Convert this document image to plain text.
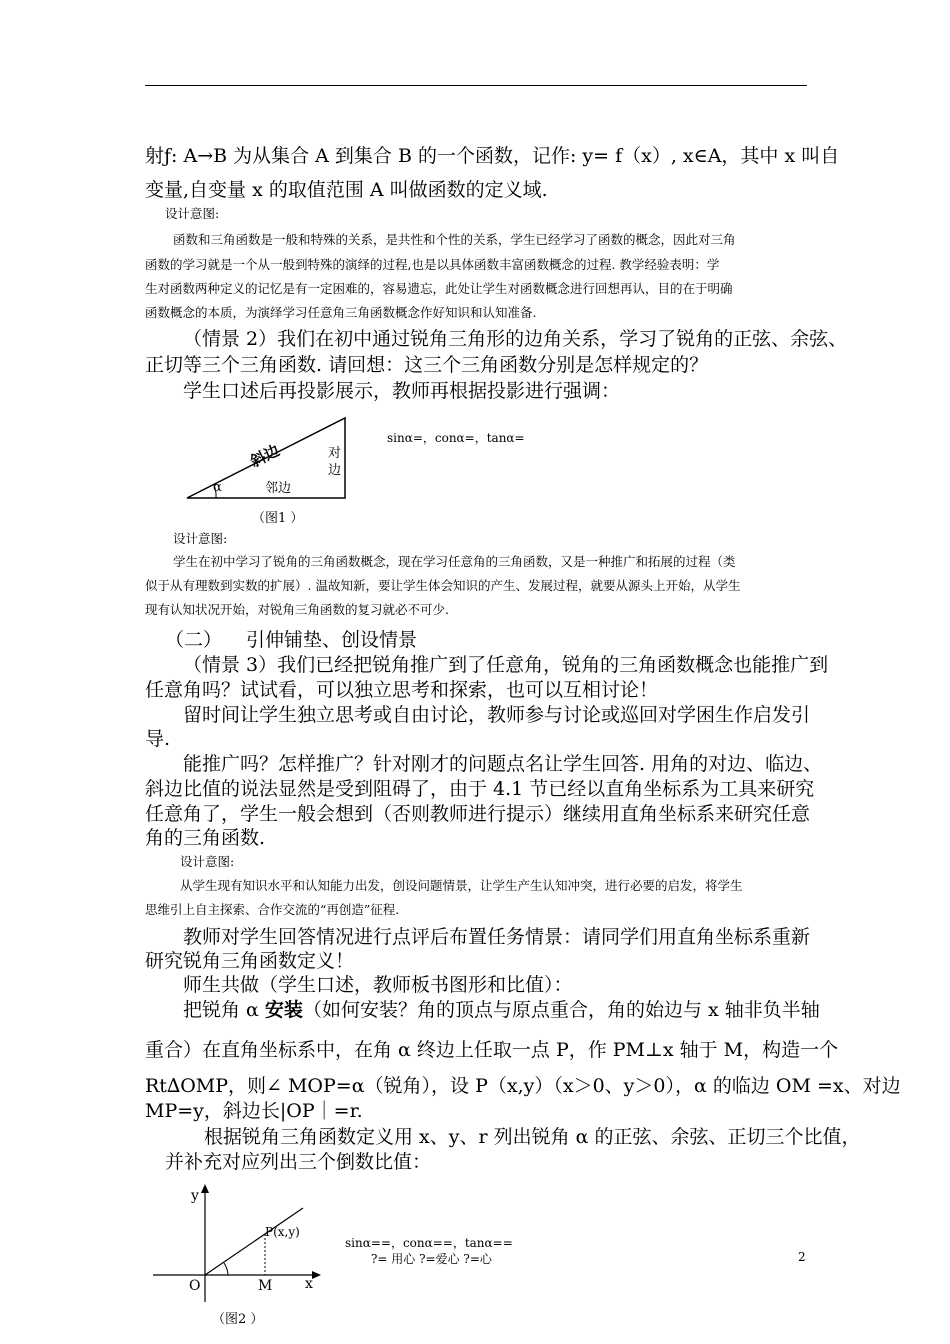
射ƒ: A→B 为从集合 A 到集合 B 的一个函数，记作: y= f（x）, x∈A，其中 x 叫自
变量,自变量 x 的取值范围 A 叫做函数的定义域.
设计意图:
函数和三角函数是一般和特殊的关系，是共性和个性的关系，学生已经学习了函数的概念，因此对三角
函数的学习就是一个从一般到特殊的演绎的过程,也是以具体函数丰富函数概念的过程. 教学经验表明：学
生对函数两种定义的记忆是有一定困难的，容易遗忘，此处让学生对函数概念进行回想再认，目的在于明确
函数概念的本质，为演绎学习任意角三角函数概念作好知识和认知准备.
（情景 2）我们在初中通过锐角三角形的边角关系，学习了锐角的正弦、余弦、
正切等三个三角函数. 请回想：这三个三角函数分别是怎样规定的？
学生口述后再投影展示，教师再根据投影进行强调：
斜边	对
边
邻边
α
sinα=，conα=，tanα=
（图1 ）
设计意图:
学生在初中学习了锐角的三角函数概念，现在学习任意角的三角函数，又是一种推广和拓展的过程（类
似于从有理数到实数的扩展）. 温故知新，要让学生体会知识的产生、发展过程，就要从源头上开始，从学生
现有认知状况开始，对锐角三角函数的复习就必不可少.
（二） 引伸铺垫、创设情景
（情景 3）我们已经把锐角推广到了任意角，锐角的三角函数概念也能推广到
任意角吗？试试看，可以独立思考和探索，也可以互相讨论！
留时间让学生独立思考或自由讨论，教师参与讨论或巡回对学困生作启发引
导.
能推广吗？怎样推广？针对刚才的问题点名让学生回答. 用角的对边、临边、
斜边比值的说法显然是受到阻碍了，由于 4.1 节已经以直角坐标系为工具来研究
任意角了，学生一般会想到（否则教师进行提示）继续用直角坐标系来研究任意
角的三角函数.
设计意图:
从学生现有知识水平和认知能力出发，创设问题情景，让学生产生认知冲突，进行必要的启发，将学生
思维引上自主探索、合作交流的“再创造”征程.
教师对学生回答情况进行点评后布置任务情景：请同学们用直角坐标系重新
研究锐角三角函数定义！
师生共做（学生口述，教师板书图形和比值）：
把锐角 α 安装（如何安装？角的顶点与原点重合，角的始边与 x 轴非负半轴
重合）在直角坐标系中，在角 α 终边上任取一点 P，作 PM⊥x 轴于 M，构造一个
Rt∆OMP，则∠ MOP=α（锐角），设 P（x,y）（x＞0、y＞0），α 的临边 OM =x、对边
MP=y，斜边长|OP｜=r.
根据锐角三角函数定义用 x、y、r 列出锐角 α 的正弦、余弦、正切三个比值，
并补充对应列出三个倒数比值：
y
x
O	M
P(x,y)
sinα==，conα==，tanα==
?= 用心 ?=爱心 ?=心
（图2 ）
2
